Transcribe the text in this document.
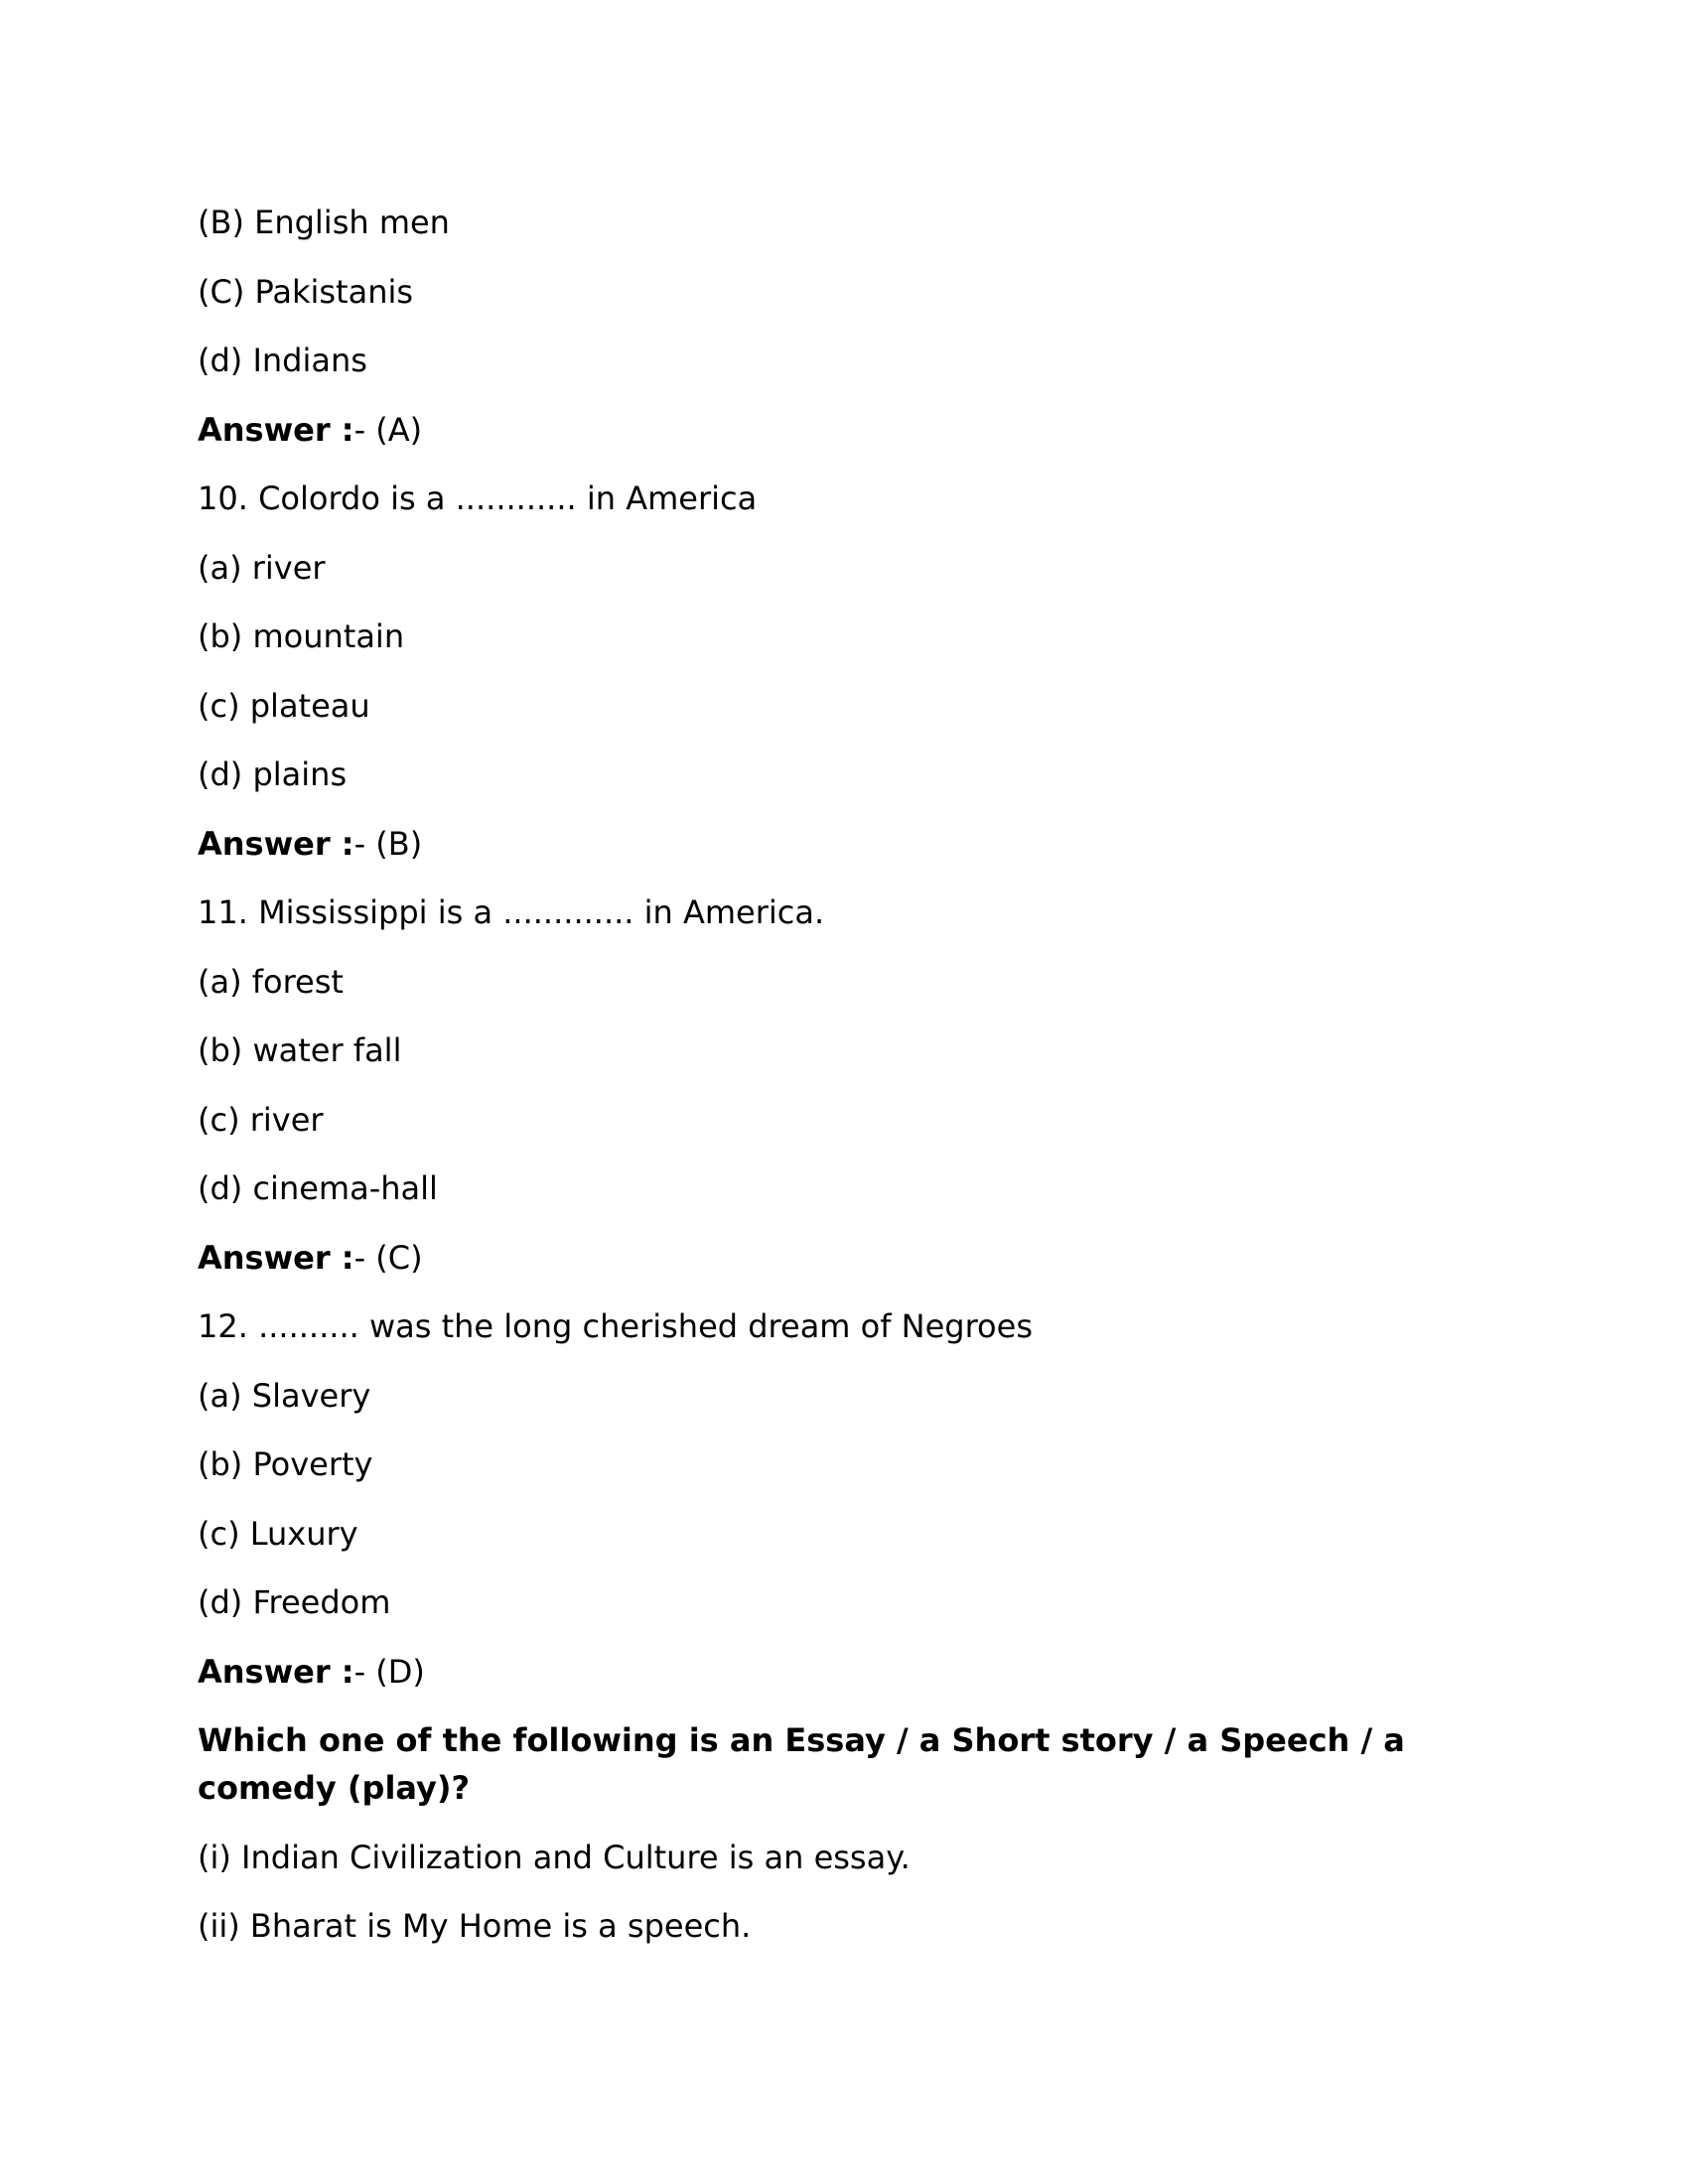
(B) English men
(C) Pakistanis
(d) Indians
Answer :- (A)
10. Colordo is a ............ in America
(a) river
(b) mountain
(c) plateau
(d) plains
Answer :- (B)
11. Mississippi is a ............. in America.
(a) forest
(b) water fall
(c) river
(d) cinema-hall
Answer :- (C)
12. .......... was the long cherished dream of Negroes
(a) Slavery
(b) Poverty
(c) Luxury
(d) Freedom
Answer :- (D)
Which one of the following is an Essay / a Short story / a Speech / a comedy (play)?
(i) Indian Civilization and Culture is an essay.
(ii) Bharat is My Home is a speech.
